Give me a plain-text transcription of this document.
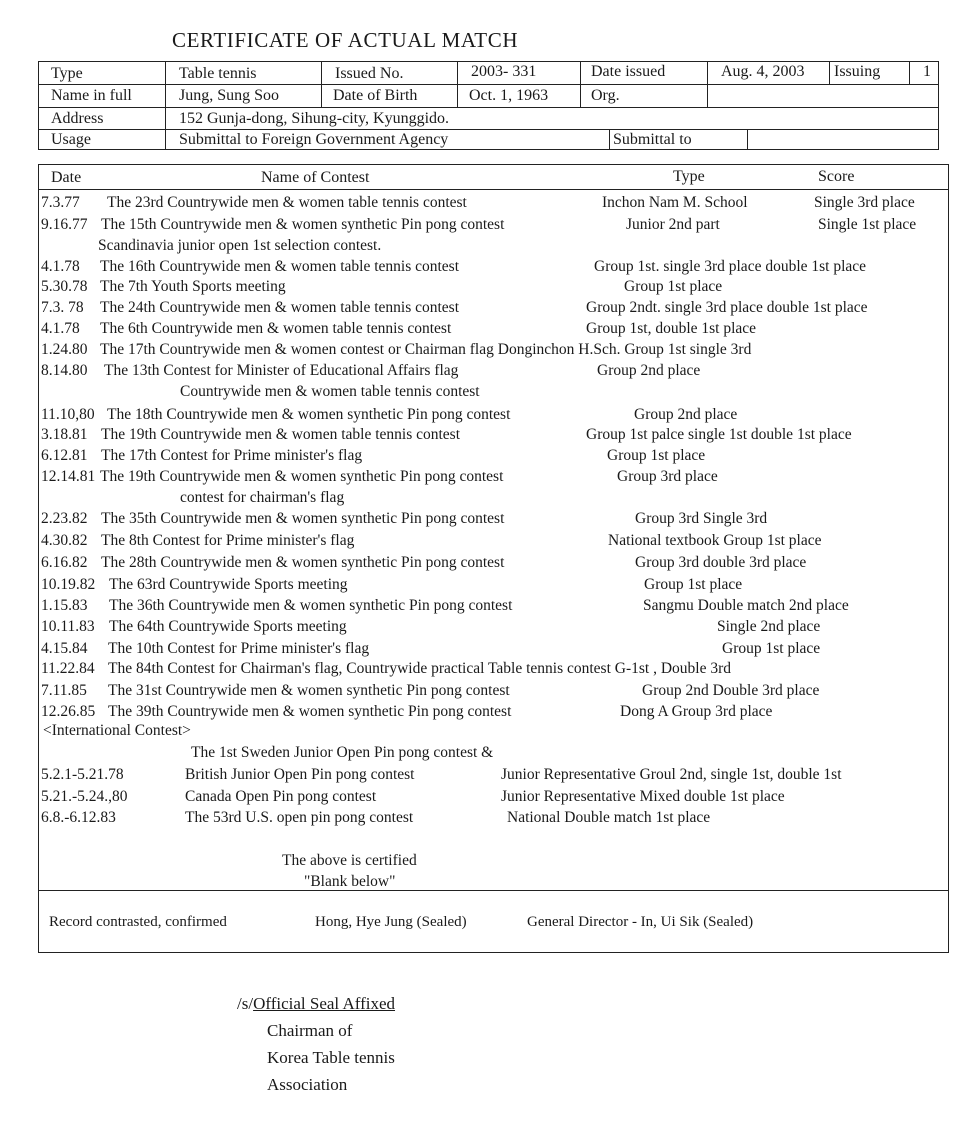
CERTIFICATE OF ACTUAL MATCH
Type	Table tennis	Issued No.	2003- 331	Date issued	Aug. 4, 2003 Issuing	1
Name in full	Jung, Sung Soo	Date of Birth	Oct. 1, 1963	Org.
Address	152 Gunja-dong, Sihung-city, Kyunggido.
Usage	Submittal to Foreign Government Agency	Submittal to
Date	Name of Contest	Type	Score
7.3.77 The 23rd Countrywide men & women table tennis contest	Inchon Nam M. School	Single 3rd place
9.16.77 The 15th Countrywide men & women synthetic Pin pong contest	Junior 2nd part	Single 1st place
Scandinavia junior open 1st selection contest.
4.1.78 The 16th Countrywide men & women table tennis contest	Group 1st. single 3rd place double 1st place
5.30.78 The 7th Youth Sports meeting	Group 1st place
7.3. 78 The 24th Countrywide men & women table tennis contest	Group 2ndt. single 3rd place double 1st place
4.1.78 The 6th Countrywide men & women table tennis contest	Group 1st, double 1st place
1.24.80 The 17th Countrywide men & women contest or Chairman flag Donginchon H.Sch. Group 1st single 3rd
8.14.80 The 13th Contest for Minister of Educational Affairs flag	Group 2nd place
Countrywide men & women table tennis contest
11.10,80 The 18th Countrywide men & women synthetic Pin pong contest	Group 2nd place
3.18.81 The 19th Countrywide men & women table tennis contest	Group 1st palce single 1st double 1st place
6.12.81 The 17th Contest for Prime minister's flag	Group 1st place
12.14.81 The 19th Countrywide men & women synthetic Pin pong contest	Group 3rd place
contest for chairman's flag
2.23.82 The 35th Countrywide men & women synthetic Pin pong contest	Group 3rd Single 3rd
4.30.82 The 8th Contest for Prime minister's flag	National textbook Group 1st place
6.16.82 The 28th Countrywide men & women synthetic Pin pong contest	Group 3rd double 3rd place
10.19.82 The 63rd Countrywide Sports meeting	Group 1st place
1.15.83 The 36th Countrywide men & women synthetic Pin pong contest	Sangmu Double match 2nd place
10.11.83 The 64th Countrywide Sports meeting	Single 2nd place
4.15.84 The 10th Contest for Prime minister's flag	Group 1st place
11.22.84 The 84th Contest for Chairman's flag, Countrywide practical Table tennis contest G-1st , Double 3rd
7.11.85 The 31st Countrywide men & women synthetic Pin pong contest	Group 2nd Double 3rd place
12.26.85 The 39th Countrywide men & women synthetic Pin pong contest	Dong A Group 3rd place
<International Contest>
The 1st Sweden Junior Open Pin pong contest &
5.2.1-5.21.78	British Junior Open Pin pong contest	Junior Representative Groul 2nd, single 1st, double 1st
5.21.-5.24.,80	Canada Open Pin pong contest	Junior Representative Mixed double 1st place
6.8.-6.12.83	The 53rd U.S. open pin pong contest	National Double match 1st place
The above is certified
"Blank below"
Record contrasted, confirmed	Hong, Hye Jung (Sealed)	General Director - In, Ui Sik (Sealed)
/s/Official Seal Affixed
Chairman of
Korea Table tennis
Association
